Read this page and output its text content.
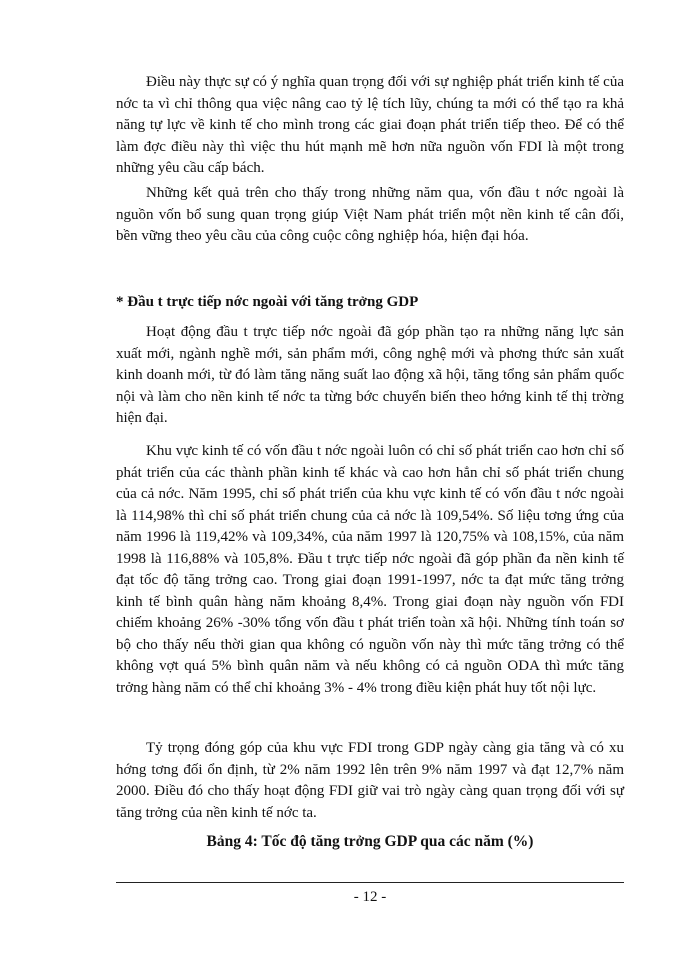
Điều này thực sự có ý nghĩa quan trọng đối với sự nghiệp phát triển kinh tế của nớc ta vì chỉ thông qua việc nâng cao tỷ lệ tích lũy, chúng ta mới có thể tạo ra khả năng tự lực về kinh tế cho mình trong các giai đoạn phát triển tiếp theo. Để có thể làm đợc điều này thì việc thu hút mạnh mẽ hơn nữa nguồn vốn FDI là một trong những yêu cầu cấp bách.

Những kết quả trên cho thấy trong những năm qua, vốn đầu t nớc ngoài là nguồn vốn bổ sung quan trọng giúp Việt Nam phát triển một nền kinh tế cân đối, bền vững theo yêu cầu của công cuộc công nghiệp hóa, hiện đại hóa.

* Đầu t trực tiếp nớc ngoài với tăng trởng GDP

Hoạt động đầu t trực tiếp nớc ngoài đã góp phần tạo ra những năng lực sản xuất mới, ngành nghề mới, sản phẩm mới, công nghệ mới và phơng thức sản xuất kinh doanh mới, từ đó làm tăng năng suất lao động xã hội, tăng tổng sản phẩm quốc nội và làm cho nền kinh tế nớc ta từng bớc chuyển biến theo hớng kinh tế thị trờng hiện đại.

Khu vực kinh tế có vốn đầu t nớc ngoài luôn có chỉ số phát triển cao hơn chỉ số phát triển của các thành phần kinh tế khác và cao hơn hẳn chỉ số phát triển chung của cả nớc. Năm 1995, chỉ số phát triển của khu vực kinh tế có vốn đầu t nớc ngoài là 114,98% thì chỉ số phát triển chung của cả nớc là 109,54%. Số liệu tơng ứng của năm 1996 là 119,42% và 109,34%, của năm 1997 là 120,75% và 108,15%, của năm 1998 là 116,88% và 105,8%. Đầu t trực tiếp nớc ngoài đã góp phần đa nền kinh tế đạt tốc độ tăng trởng cao. Trong giai đoạn 1991-1997, nớc ta đạt mức tăng trởng kinh tế bình quân hàng năm khoảng 8,4%. Trong giai đoạn này nguồn vốn FDI chiếm khoảng 26% -30% tổng vốn đầu t phát triển toàn xã hội. Những tính toán sơ bộ cho thấy nếu thời gian qua không có nguồn vốn này thì mức tăng trởng có thể không vợt quá 5% bình quân năm và nếu không có cả nguồn ODA thì mức tăng trởng hàng năm có thể chỉ khoảng 3% - 4% trong điều kiện phát huy tốt nội lực.

Tỷ trọng đóng góp của khu vực FDI trong GDP ngày càng gia tăng và có xu hớng tơng đối ổn định, từ 2% năm 1992 lên trên 9% năm 1997 và đạt 12,7% năm 2000. Điều đó cho thấy hoạt động FDI giữ vai trò ngày càng quan trọng đối với sự tăng trởng của nền kinh tế nớc ta.

Bảng 4: Tốc độ tăng trởng GDP qua các năm (%)

- 12 -
